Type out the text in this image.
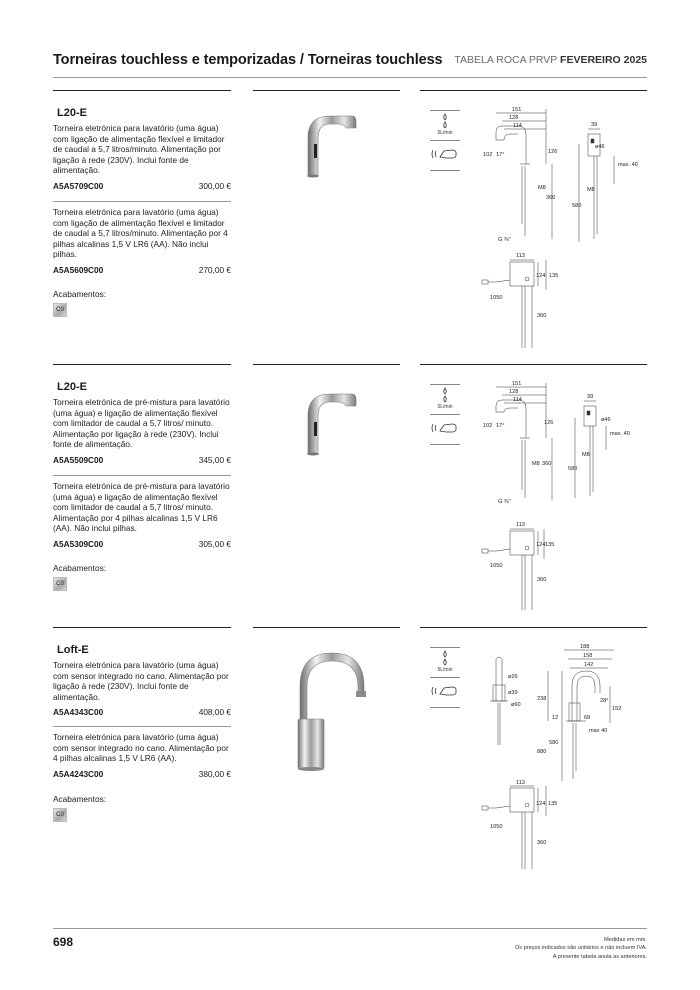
Torneiras touchless e temporizadas / Torneiras touchless TABELA ROCA PRVP FEVEREIRO 2025
L20-E
Torneira eletrónica para lavatório (uma água) com ligação de alimentação flexível e limitador de caudal a 5,7 litros/minuto. Alimentação por ligação à rede (230V). Inclui fonte de alimentação.
A5A5709C00	300,00 €
Torneira eletrónica para lavatório (uma água) com ligação de alimentação flexível e limitador de caudal a 5,7 litros/minuto. Alimentação por 4 pilhas alcalinas 1,5 V LR6 (AA). Não inclui pilhas.
A5A5609C00	270,00 €
Acabamentos:
C0
5L/min
151
128
114
102 17°	126
M8
360
G ⅜"
39
ø46
max. 40
M8
580
113
124 135
1050
360
L20-E
Torneira eletrónica de pré-mistura para lavatório (uma água) e ligação de alimentação flexível com limitador de caudal a 5,7 litros/ minuto. Alimentação por ligação à rede (230V). Inclui fonte de alimentação.
A5A5509C00	345,00 €
Torneira eletrónica de pré-mistura para lavatório (uma água) e ligação de alimentação flexível com limitador de caudal a 5,7 litros/ minuto. Alimentação por 4 pilhas alcalinas 1,5 V LR6 (AA). Não inclui pilhas.
A5A5309C00	305,00 €
Acabamentos:
C0
5L/min
151
128
114
102 17°	126
M8 360
G ⅜"
39
ø46
max. 40
M8
580
113
124 135
1050
360
Loft-E
Torneira eletrónica para lavatório (uma água) com sensor integrado no cano. Alimentação por ligação à rede (230V). Inclui fonte de alimentação.
A5A4343C00	408,00 €
Torneira eletrónica para lavatório (uma água) com sensor integrado no cano. Alimentação por 4 pilhas alcalinas 1,5 V LR6 (AA).
A5A4243C00	380,00 €
Acabamentos:
C0
5L/min
ø26
ø39
ø60
188
158
142
238	28°
152
12	68
max 40
580
880
113
124 135
1050
360
698	Medidas em mm.
Os preços indicados são unitários e não incluem IVA.
A presente tabela anula as anteriores.
